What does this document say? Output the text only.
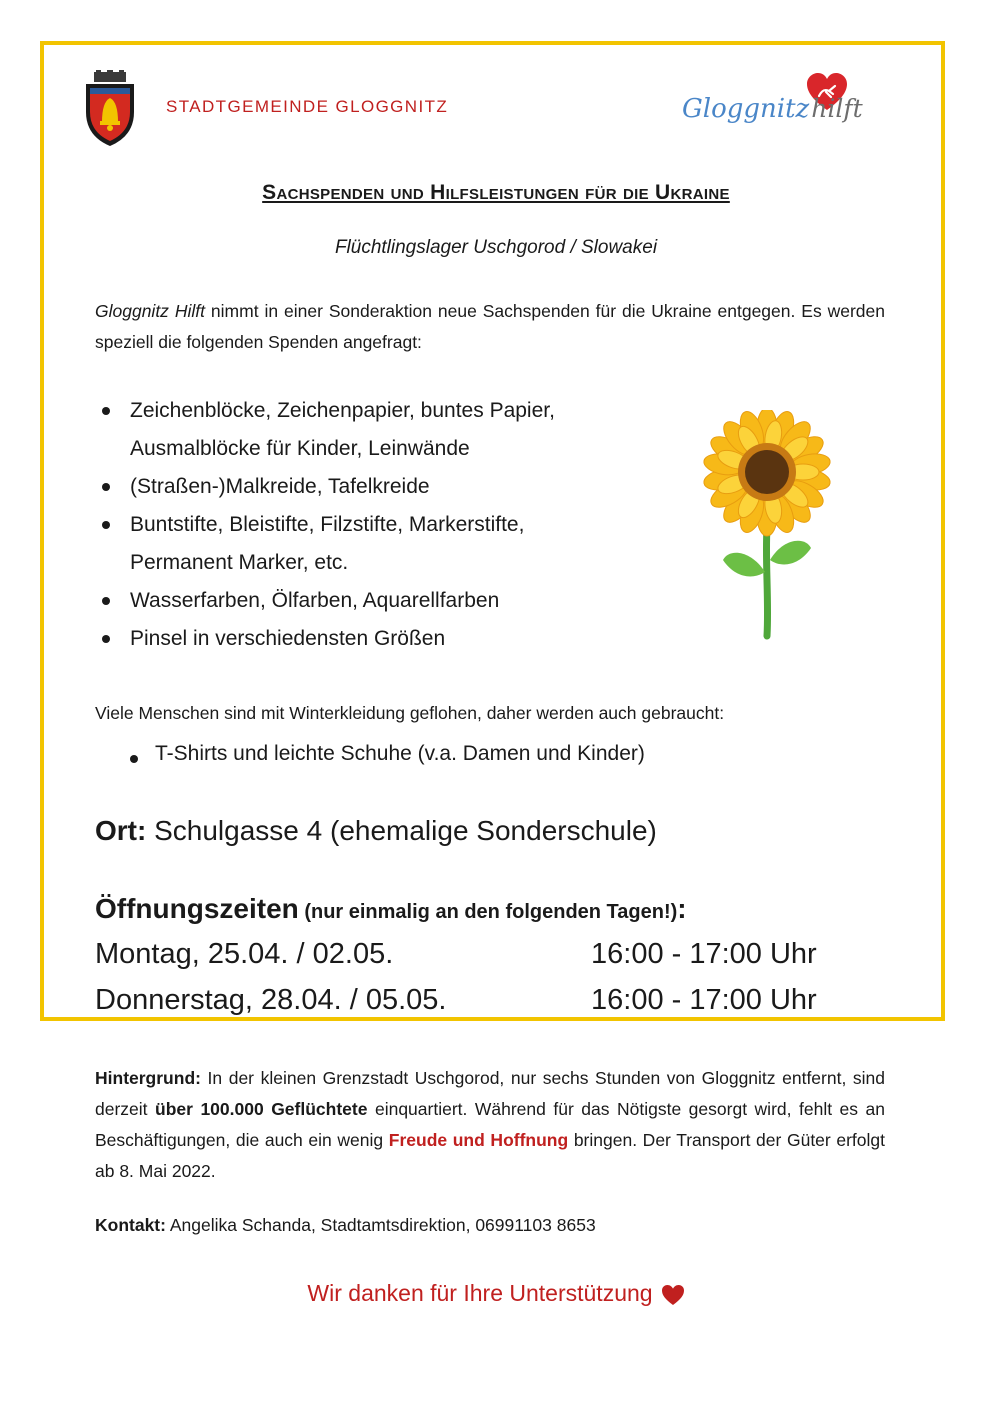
STADTGEMEINDE GLOGGNITZ	Gloggnitzhilft
Sachspenden und Hilfsleistungen für die Ukraine
Flüchtlingslager Uschgorod / Slowakei
Gloggnitz Hilft nimmt in einer Sonderaktion neue Sachspenden für die Ukraine entgegen. Es werden speziell die folgenden Spenden angefragt:
Zeichenblöcke, Zeichenpapier, buntes Papier,
Ausmalblöcke für Kinder, Leinwände
(Straßen-)Malkreide, Tafelkreide
Buntstifte, Bleistifte, Filzstifte, Markerstifte,
Permanent Marker, etc.
Wasserfarben, Ölfarben, Aquarellfarben
Pinsel in verschiedensten Größen
Viele Menschen sind mit Winterkleidung geflohen, daher werden auch gebraucht:
T-Shirts und leichte Schuhe (v.a. Damen und Kinder)
Ort: Schulgasse 4 (ehemalige Sonderschule)
Öffnungszeiten (nur einmalig an den folgenden Tagen!):
Montag, 25.04. / 02.05.	16:00 - 17:00 Uhr
Donnerstag, 28.04. / 05.05.	16:00 - 17:00 Uhr
Hintergrund: In der kleinen Grenzstadt Uschgorod, nur sechs Stunden von Gloggnitz entfernt, sind derzeit über 100.000 Geflüchtete einquartiert. Während für das Nötigste gesorgt wird, fehlt es an Beschäftigungen, die auch ein wenig Freude und Hoffnung bringen. Der Transport der Güter erfolgt ab 8. Mai 2022.
Kontakt: Angelika Schanda, Stadtamtsdirektion, 06991103 8653
Wir danken für Ihre Unterstützung
